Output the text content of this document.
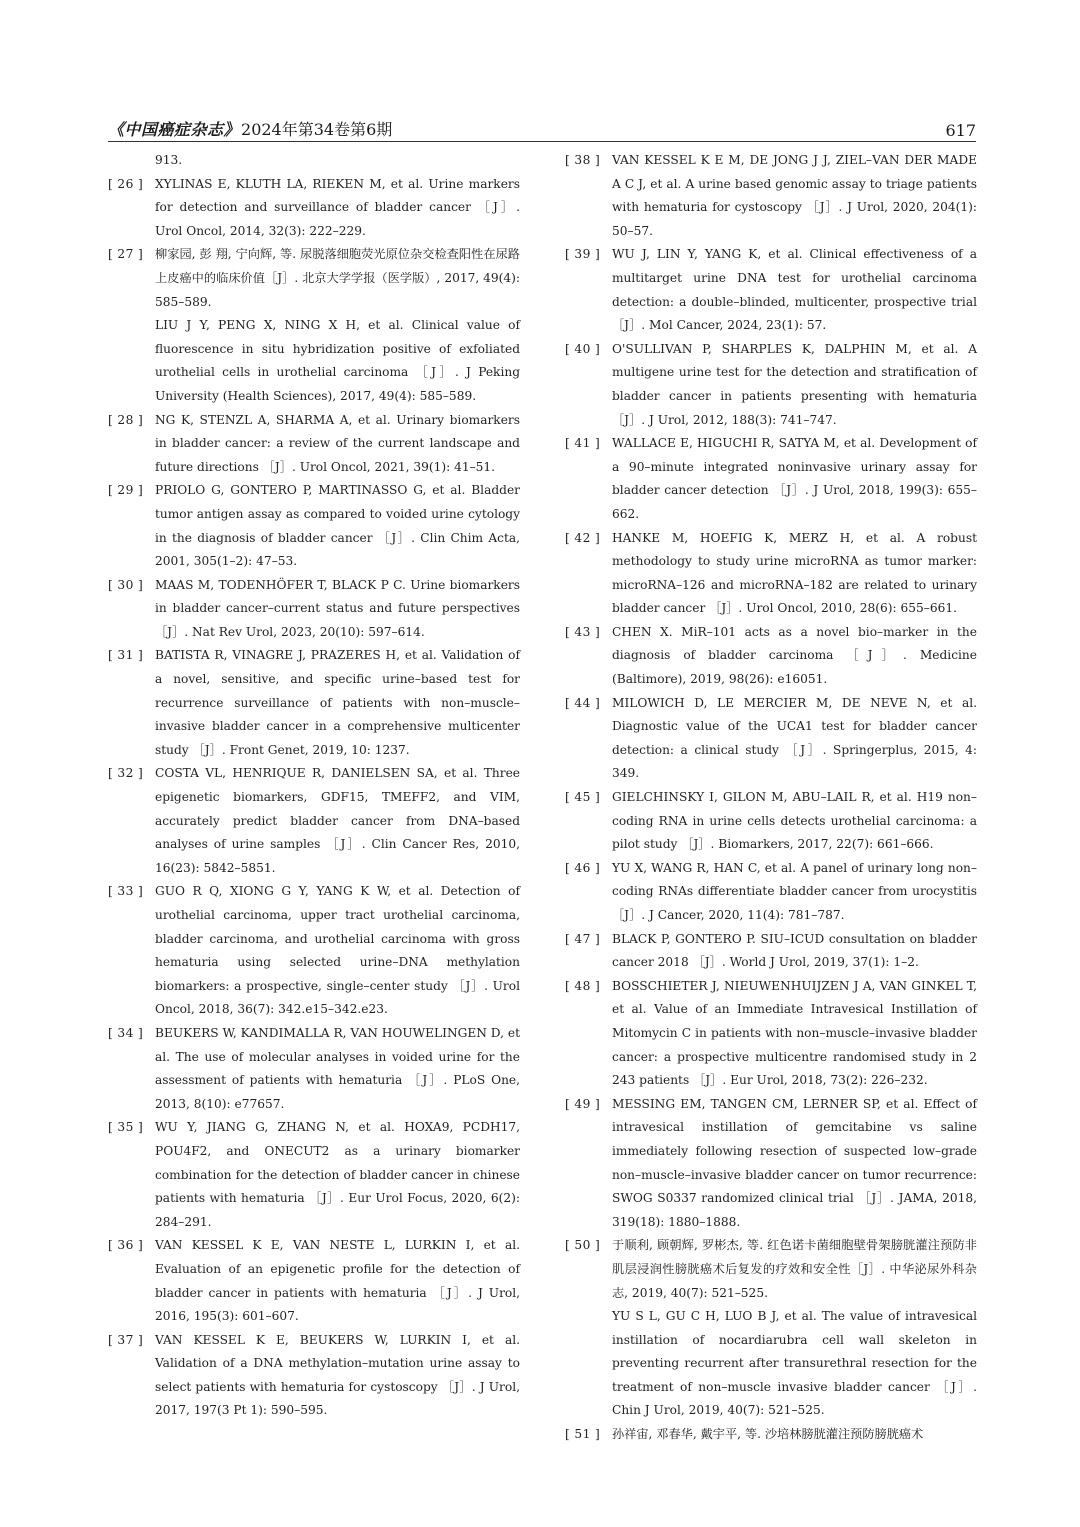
《中国癌症杂志》2024年第34卷第6期	617
913.
[ 26 ] XYLINAS E, KLUTH LA, RIEKEN M, et al. Urine markers for detection and surveillance of bladder cancer ［J］. Urol Oncol, 2014, 32(3): 222–229.
[ 27 ] 柳家园, 彭 翔, 宁向辉, 等. 尿脱落细胞荧光原位杂交检查阳性在尿路上皮癌中的临床价值［J］. 北京大学学报（医学版）, 2017, 49(4): 585–589.
LIU J Y, PENG X, NING X H, et al. Clinical value of fluorescence in situ hybridization positive of exfoliated urothelial cells in urothelial carcinoma ［J］. J Peking University (Health Sciences), 2017, 49(4): 585–589.
[ 28 ] NG K, STENZL A, SHARMA A, et al. Urinary biomarkers in bladder cancer: a review of the current landscape and future directions ［J］. Urol Oncol, 2021, 39(1): 41–51.
[ 29 ] PRIOLO G, GONTERO P, MARTINASSO G, et al. Bladder tumor antigen assay as compared to voided urine cytology in the diagnosis of bladder cancer ［J］. Clin Chim Acta, 2001, 305(1–2): 47–53.
[ 30 ] MAAS M, TODENHÖFER T, BLACK P C. Urine biomarkers in bladder cancer–current status and future perspectives ［J］. Nat Rev Urol, 2023, 20(10): 597–614.
[ 31 ] BATISTA R, VINAGRE J, PRAZERES H, et al. Validation of a novel, sensitive, and specific urine–based test for recurrence surveillance of patients with non–muscle–invasive bladder cancer in a comprehensive multicenter study ［J］. Front Genet, 2019, 10: 1237.
[ 32 ] COSTA VL, HENRIQUE R, DANIELSEN SA, et al. Three epigenetic biomarkers, GDF15, TMEFF2, and VIM, accurately predict bladder cancer from DNA–based analyses of urine samples ［J］. Clin Cancer Res, 2010, 16(23): 5842–5851.
[ 33 ] GUO R Q, XIONG G Y, YANG K W, et al. Detection of urothelial carcinoma, upper tract urothelial carcinoma, bladder carcinoma, and urothelial carcinoma with gross hematuria using selected urine–DNA methylation biomarkers: a prospective, single–center study ［J］. Urol Oncol, 2018, 36(7): 342.e15–342.e23.
[ 34 ] BEUKERS W, KANDIMALLA R, VAN HOUWELINGEN D, et al. The use of molecular analyses in voided urine for the assessment of patients with hematuria ［J］. PLoS One, 2013, 8(10): e77657.
[ 35 ] WU Y, JIANG G, ZHANG N, et al. HOXA9, PCDH17, POU4F2, and ONECUT2 as a urinary biomarker combination for the detection of bladder cancer in chinese patients with hematuria ［J］. Eur Urol Focus, 2020, 6(2): 284–291.
[ 36 ] VAN KESSEL K E, VAN NESTE L, LURKIN I, et al. Evaluation of an epigenetic profile for the detection of bladder cancer in patients with hematuria ［J］. J Urol, 2016, 195(3): 601–607.
[ 37 ] VAN KESSEL K E, BEUKERS W, LURKIN I, et al. Validation of a DNA methylation–mutation urine assay to select patients with hematuria for cystoscopy ［J］. J Urol, 2017, 197(3 Pt 1): 590–595.
[ 38 ] VAN KESSEL K E M, DE JONG J J, ZIEL–VAN DER MADE A C J, et al. A urine based genomic assay to triage patients with hematuria for cystoscopy ［J］. J Urol, 2020, 204(1): 50–57.
[ 39 ] WU J, LIN Y, YANG K, et al. Clinical effectiveness of a multitarget urine DNA test for urothelial carcinoma detection: a double–blinded, multicenter, prospective trial ［J］. Mol Cancer, 2024, 23(1): 57.
[ 40 ] O'SULLIVAN P, SHARPLES K, DALPHIN M, et al. A multigene urine test for the detection and stratification of bladder cancer in patients presenting with hematuria ［J］. J Urol, 2012, 188(3): 741–747.
[ 41 ] WALLACE E, HIGUCHI R, SATYA M, et al. Development of a 90–minute integrated noninvasive urinary assay for bladder cancer detection ［J］. J Urol, 2018, 199(3): 655–662.
[ 42 ] HANKE M, HOEFIG K, MERZ H, et al. A robust methodology to study urine microRNA as tumor marker: microRNA–126 and microRNA–182 are related to urinary bladder cancer ［J］. Urol Oncol, 2010, 28(6): 655–661.
[ 43 ] CHEN X. MiR–101 acts as a novel bio–marker in the diagnosis of bladder carcinoma ［J］. Medicine (Baltimore), 2019, 98(26): e16051.
[ 44 ] MILOWICH D, LE MERCIER M, DE NEVE N, et al. Diagnostic value of the UCA1 test for bladder cancer detection: a clinical study ［J］. Springerplus, 2015, 4: 349.
[ 45 ] GIELCHINSKY I, GILON M, ABU–LAIL R, et al. H19 non–coding RNA in urine cells detects urothelial carcinoma: a pilot study ［J］. Biomarkers, 2017, 22(7): 661–666.
[ 46 ] YU X, WANG R, HAN C, et al. A panel of urinary long non–coding RNAs differentiate bladder cancer from urocystitis ［J］. J Cancer, 2020, 11(4): 781–787.
[ 47 ] BLACK P, GONTERO P. SIU–ICUD consultation on bladder cancer 2018 ［J］. World J Urol, 2019, 37(1): 1–2.
[ 48 ] BOSSCHIETER J, NIEUWENHUIJZEN J A, VAN GINKEL T, et al. Value of an Immediate Intravesical Instillation of Mitomycin C in patients with non–muscle–invasive bladder cancer: a prospective multicentre randomised study in 2 243 patients ［J］. Eur Urol, 2018, 73(2): 226–232.
[ 49 ] MESSING EM, TANGEN CM, LERNER SP, et al. Effect of intravesical instillation of gemcitabine vs saline immediately following resection of suspected low–grade non–muscle–invasive bladder cancer on tumor recurrence: SWOG S0337 randomized clinical trial ［J］. JAMA, 2018, 319(18): 1880–1888.
[ 50 ] 于顺利, 顾朝辉, 罗彬杰, 等. 红色诺卡菌细胞壁骨架膀胱灌注预防非肌层浸润性膀胱癌术后复发的疗效和安全性［J］. 中华泌尿外科杂志, 2019, 40(7): 521–525.
YU S L, GU C H, LUO B J, et al. The value of intravesical instillation of nocardiarubra cell wall skeleton in preventing recurrent after transurethral resection for the treatment of non–muscle invasive bladder cancer ［J］. Chin J Urol, 2019, 40(7): 521–525.
[ 51 ] 孙祥宙, 邓春华, 戴宇平, 等. 沙培林膀胱灌注预防膀胱癌术
